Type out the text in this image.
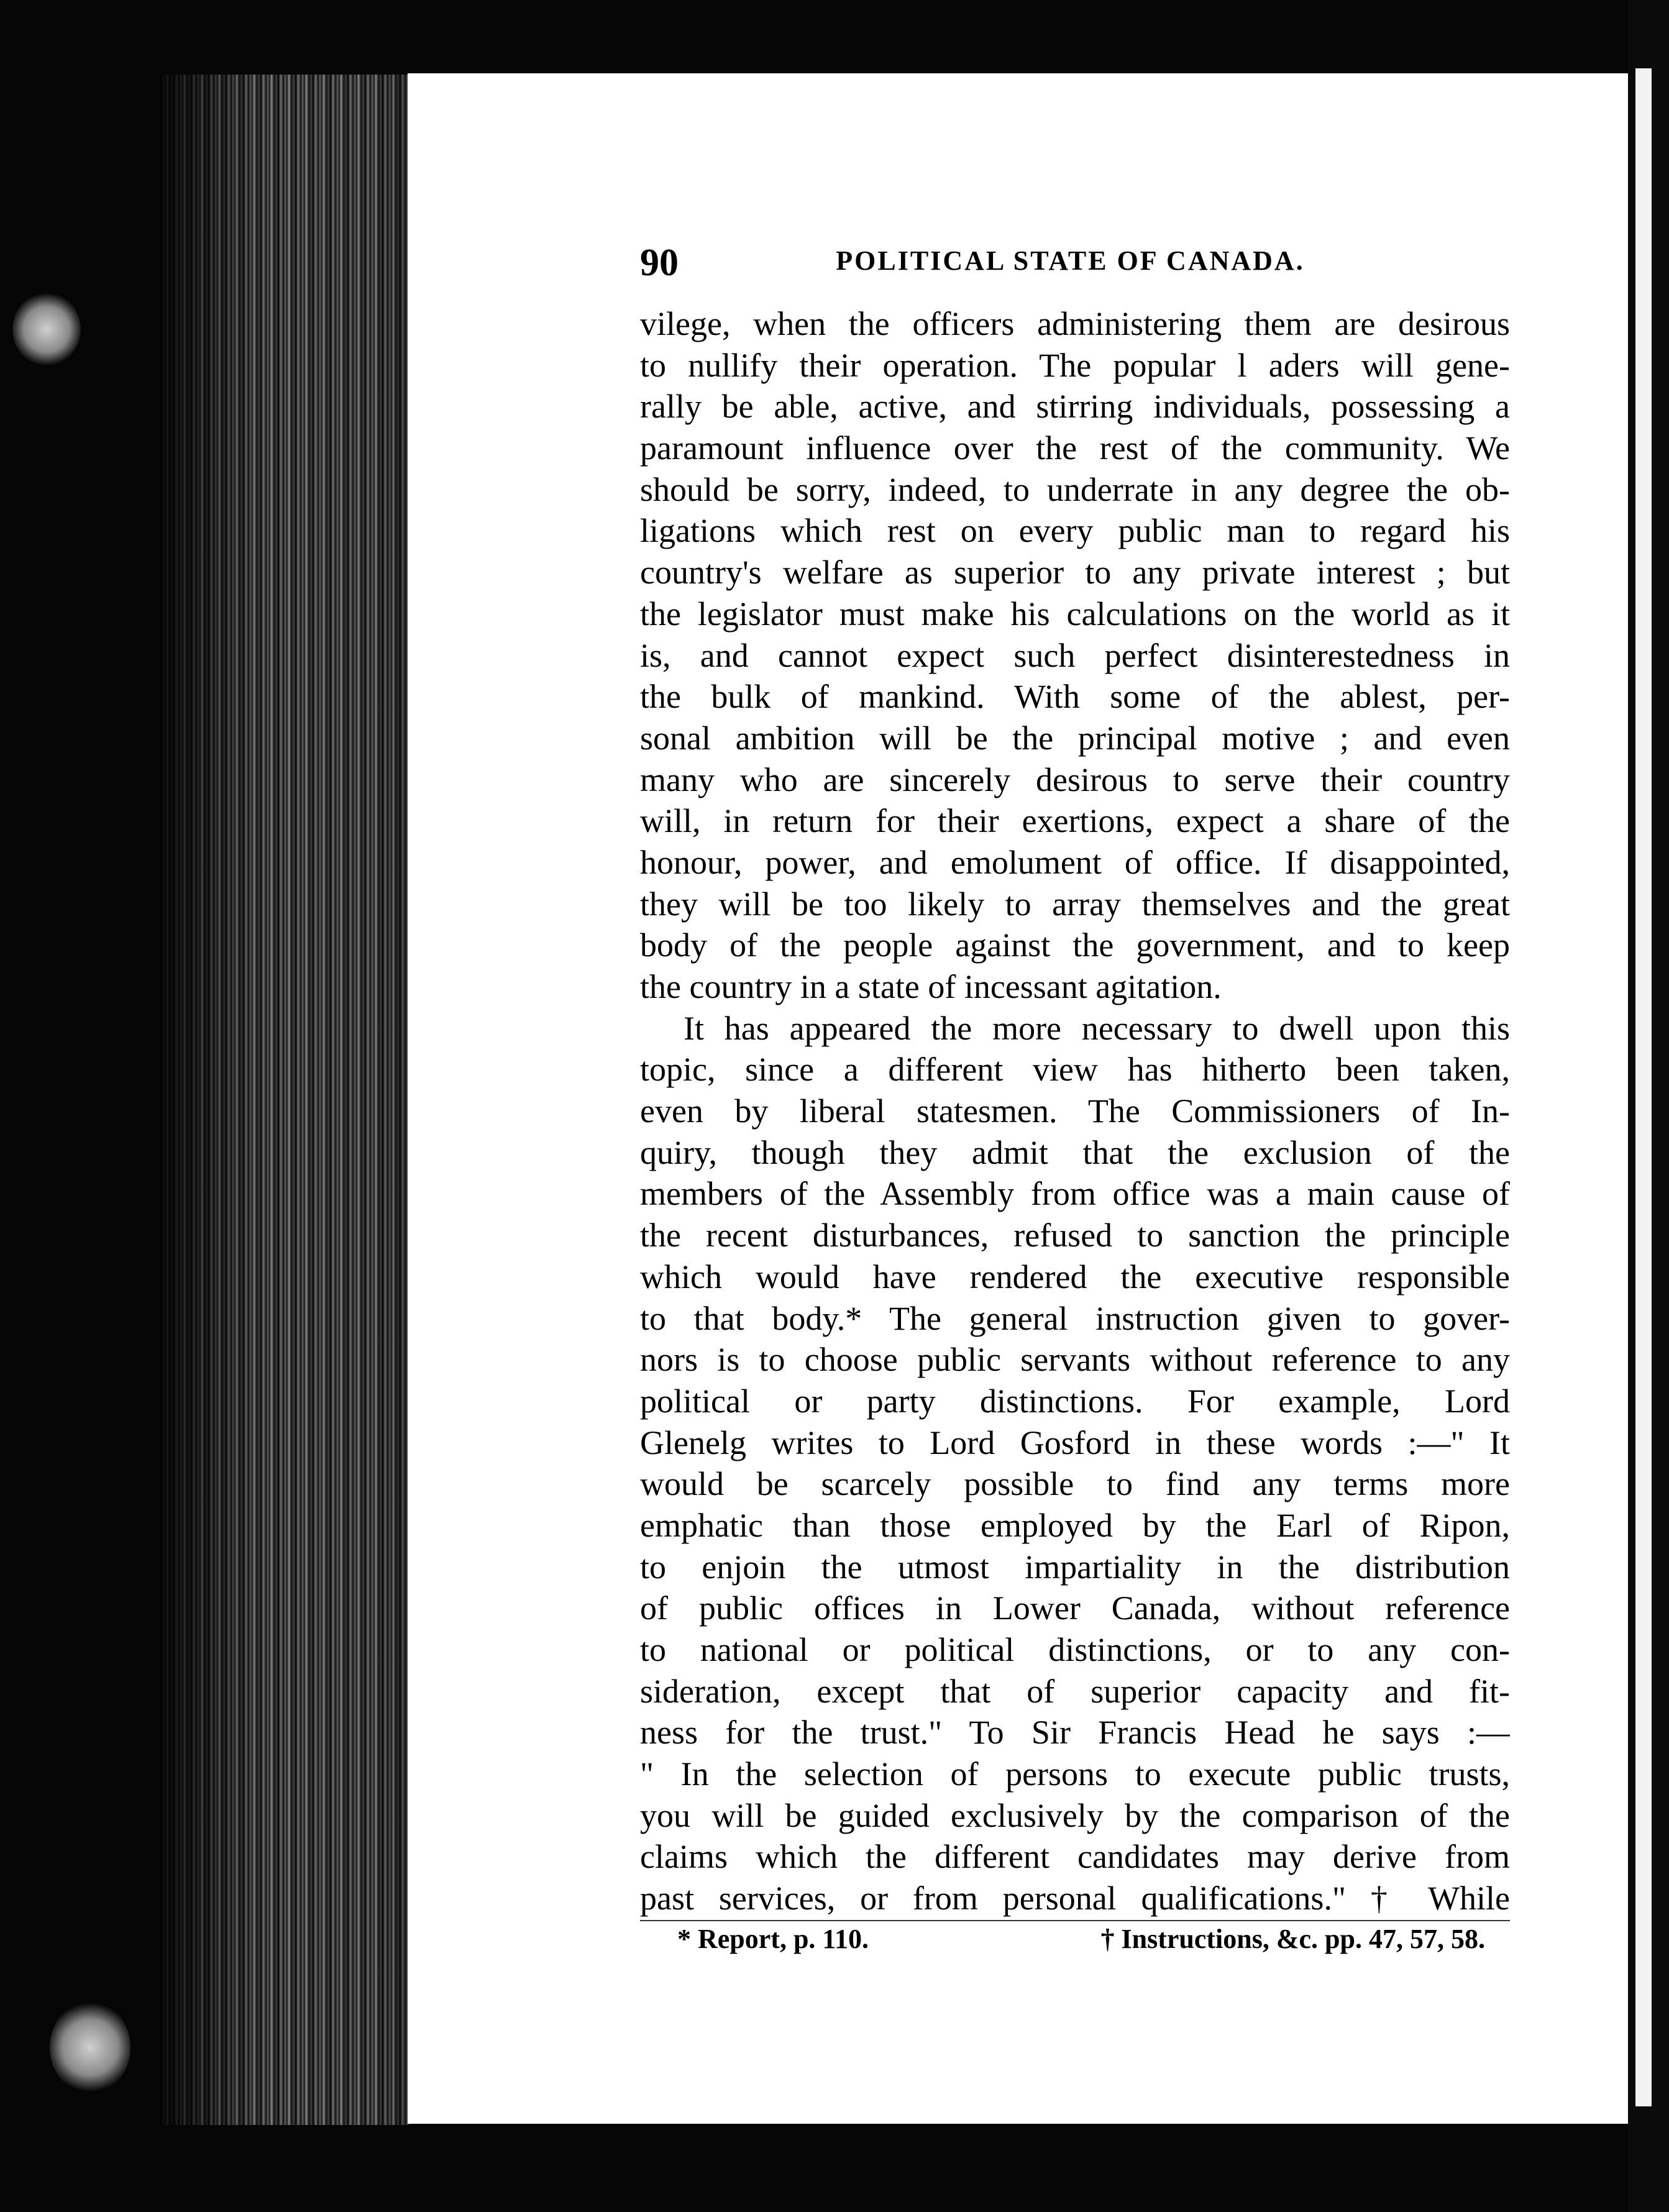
90	POLITICAL STATE OF CANADA.
vilege, when the officers administering them are desirous
to nullify their operation. The popular l aders will gene-
rally be able, active, and stirring individuals, possessing a
paramount influence over the rest of the community. We
should be sorry, indeed, to underrate in any degree the ob-
ligations which rest on every public man to regard his
country's welfare as superior to any private interest ; but
the legislator must make his calculations on the world as it
is, and cannot expect such perfect disinterestedness in
the bulk of mankind. With some of the ablest, per-
sonal ambition will be the principal motive ; and even
many who are sincerely desirous to serve their country
will, in return for their exertions, expect a share of the
honour, power, and emolument of office. If disappointed,
they will be too likely to array themselves and the great
body of the people against the government, and to keep
the country in a state of incessant agitation.
It has appeared the more necessary to dwell upon this
topic, since a different view has hitherto been taken,
even by liberal statesmen. The Commissioners of In-
quiry, though they admit that the exclusion of the
members of the Assembly from office was a main cause of
the recent disturbances, refused to sanction the principle
which would have rendered the executive responsible
to that body.* The general instruction given to gover-
nors is to choose public servants without reference to any
political or party distinctions. For example, Lord
Glenelg writes to Lord Gosford in these words :—" It
would be scarcely possible to find any terms more
emphatic than those employed by the Earl of Ripon,
to enjoin the utmost impartiality in the distribution
of public offices in Lower Canada, without reference
to national or political distinctions, or to any con-
sideration, except that of superior capacity and fit-
ness for the trust." To Sir Francis Head he says :—
" In the selection of persons to execute public trusts,
you will be guided exclusively by the comparison of the
claims which the different candidates may derive from
past services, or from personal qualifications." † While
* Report, p. 110.	† Instructions, &c. pp. 47, 57, 58.
